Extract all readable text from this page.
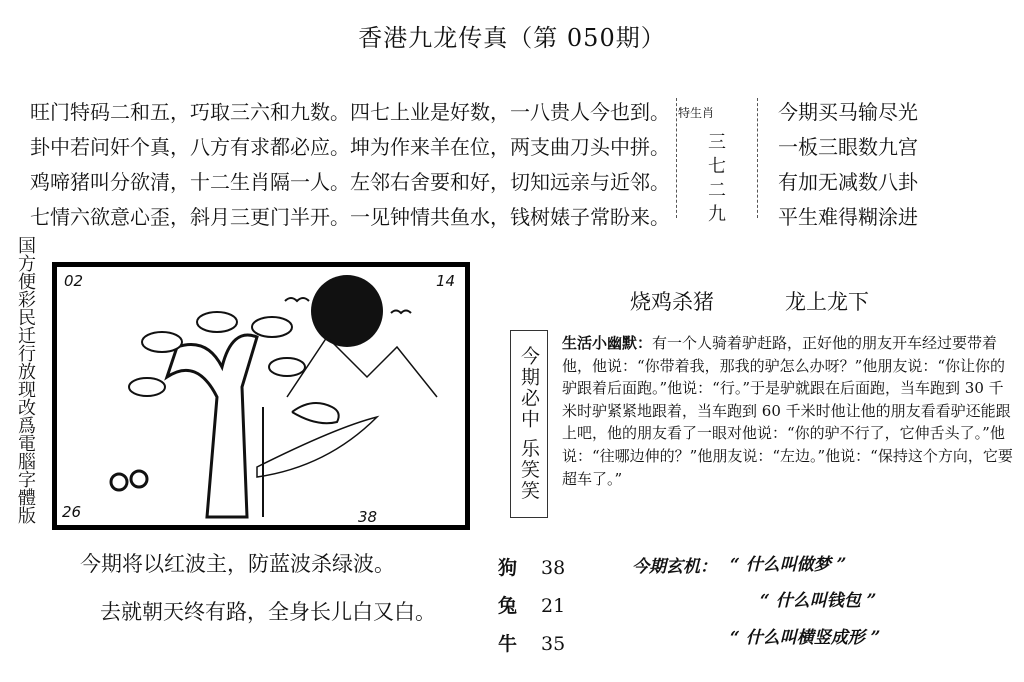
香港九龙传真（第 050期）
旺门特码二和五，巧取三六和九数。四七上业是好数，一八贵人今也到。
卦中若问奸个真，八方有求都必应。坤为作来羊在位，两支曲刀头中拼。
鸡啼猪叫分欲清，十二生肖隔一人。左邻右舍要和好，切知远亲与近邻。
七情六欲意心歪，斜月三更门半开。一见钟情共鱼水，钱树婊子常盼来。
特生肖
三
七
二
九
今期买马输尽光
一板三眼数九宫
有加无减数八卦
平生难得糊涂进
国方便彩民迁行放现改爲電腦字體版 02	14
26	38
烧鸡杀猪	龙上龙下
今期必中 乐笑笑
生活小幽默：有一个人骑着驴赶路，正好他的朋友开车经过要带着他，他说：“你带着我，那我的驴怎么办呀？”他朋友说：“你让你的驴跟着后面跑。”他说：“行。”于是驴就跟在后面跑，当车跑到 30 千米时驴紧紧地跟着，当车跑到 60 千米时他让他的朋友看看驴还能跟上吧，他的朋友看了一眼对他说：“你的驴不行了，它伸舌头了。”他说：“往哪边伸的？”他朋友说：“左边。”他说：“保持这个方向，它要超车了。”
今期将以红波主，防蓝波杀绿波。
去就朝天终有路，全身长儿白又白。
狗 38
兔 21
牛 35
今期玄机： “ 什么叫做梦 ”
“ 什么叫钱包 ”
“ 什么叫横竖成形 ”
